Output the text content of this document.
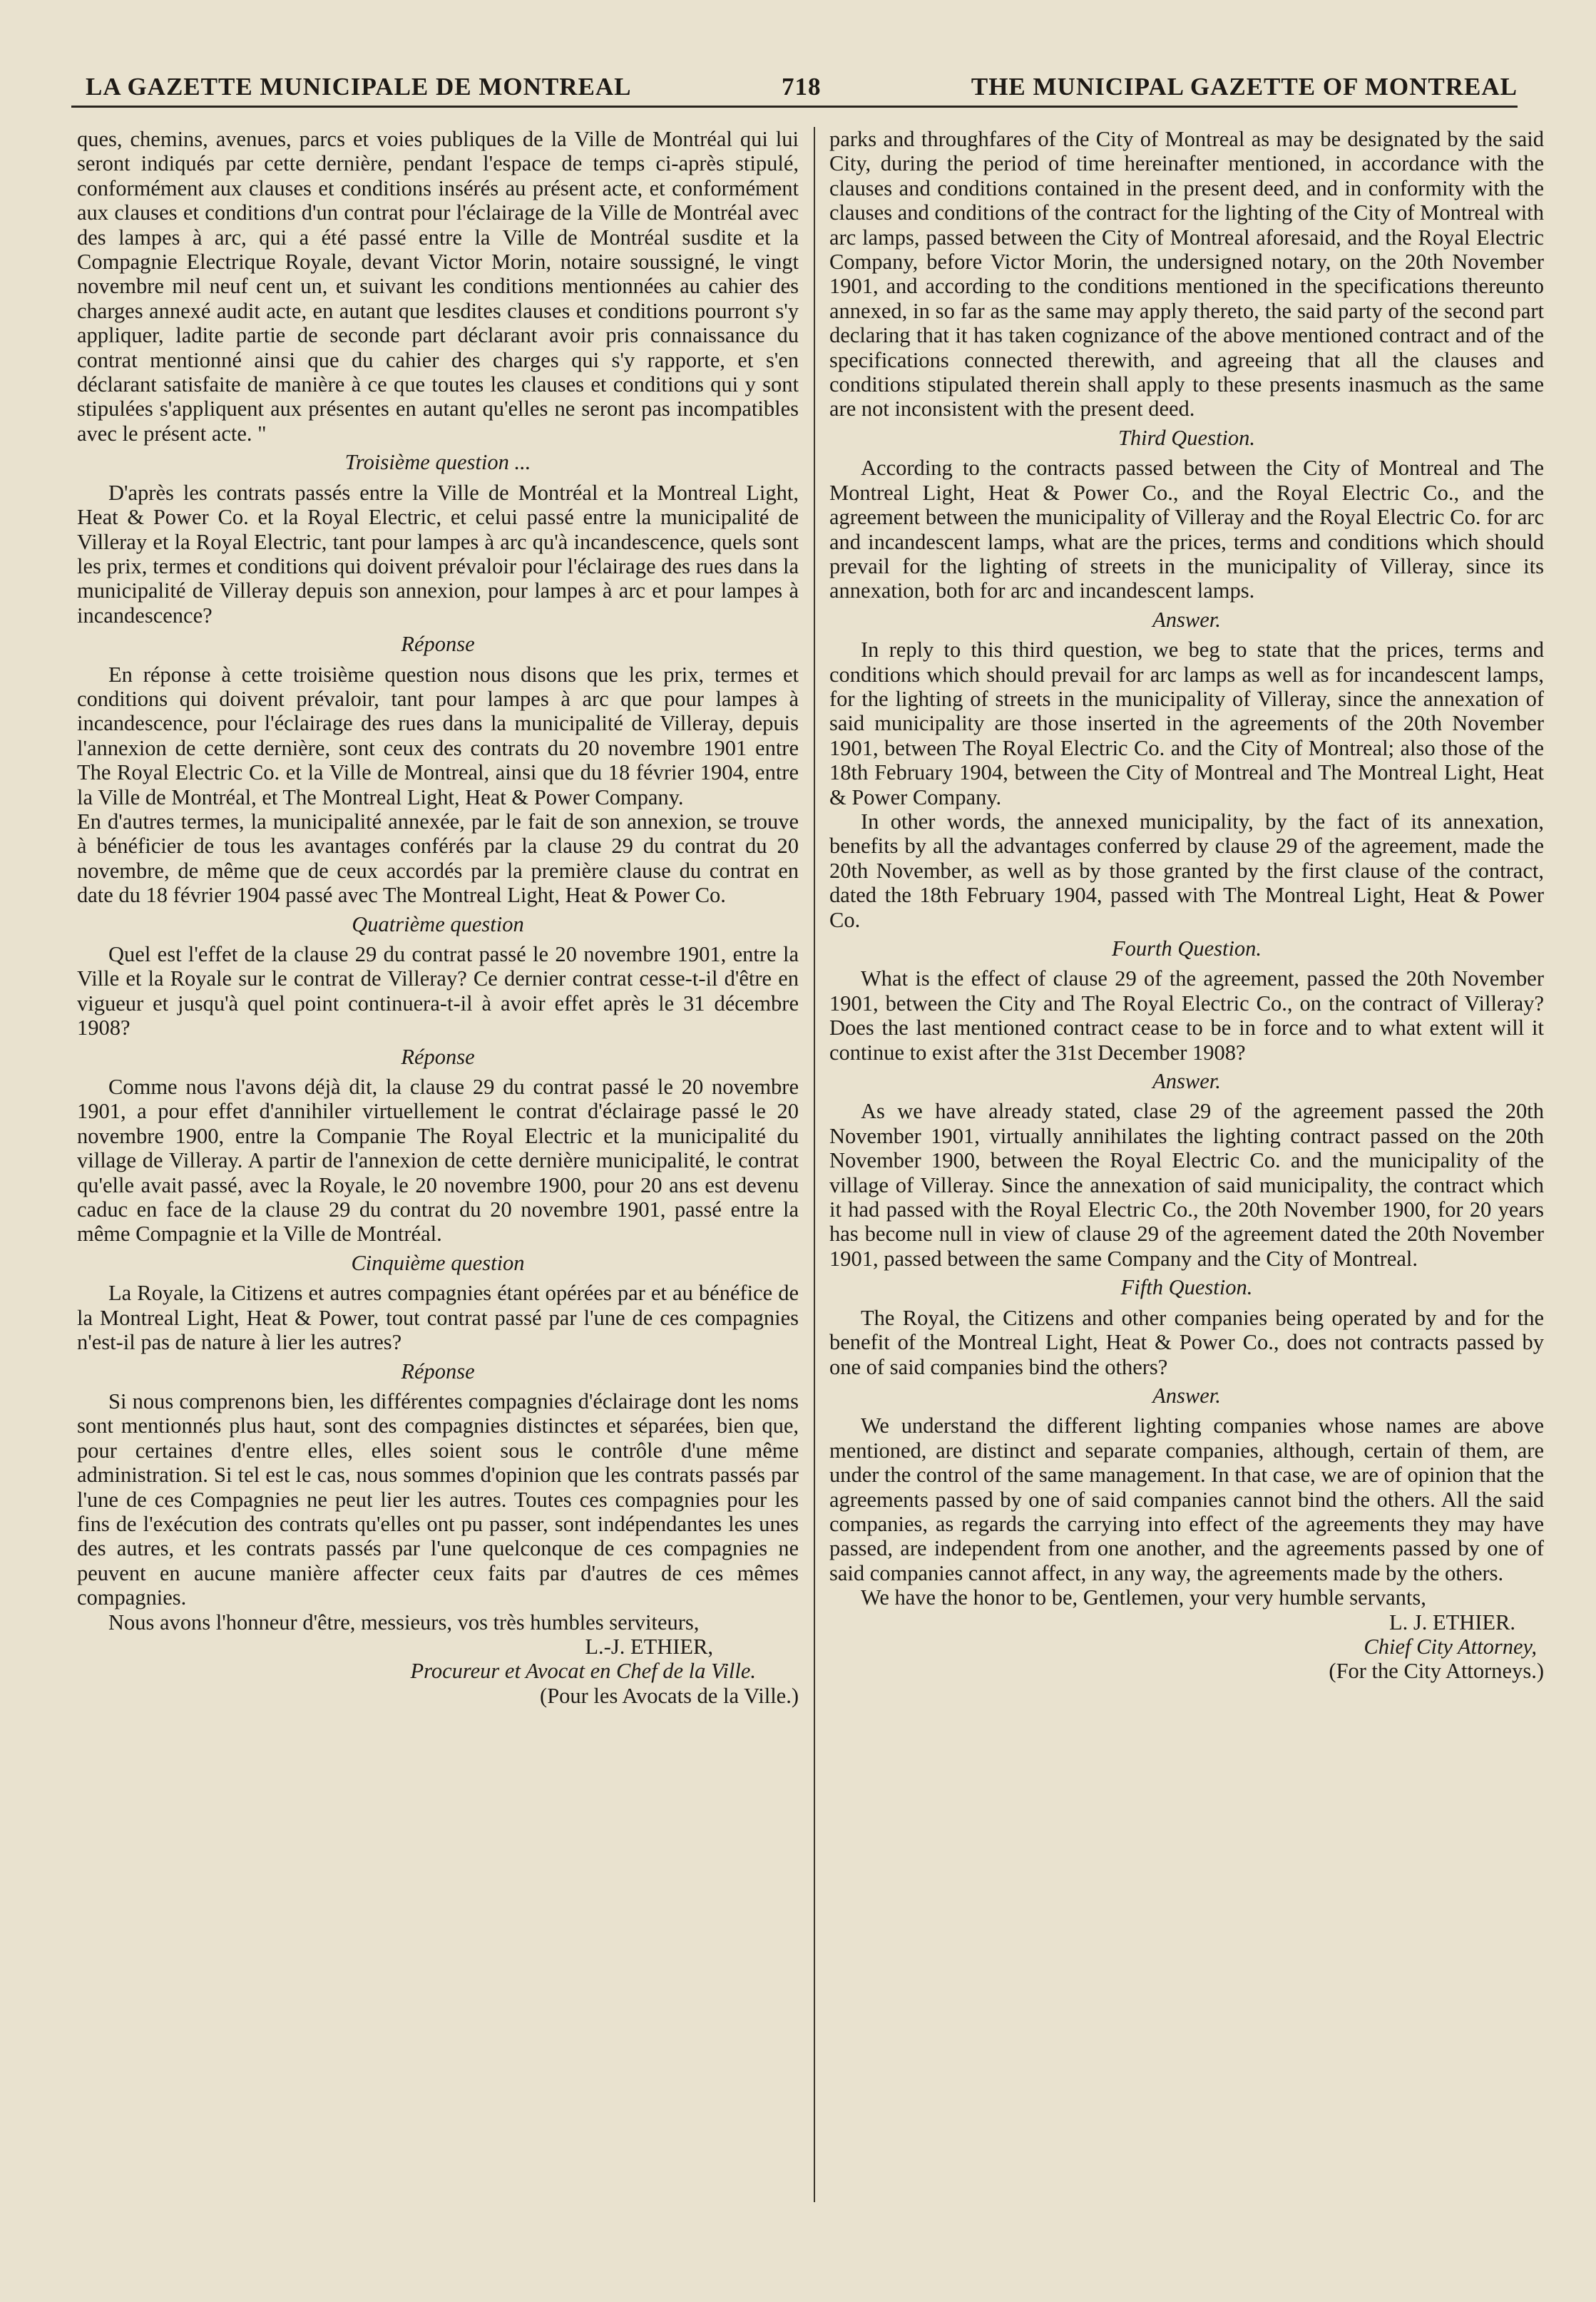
LA GAZETTE MUNICIPALE DE MONTREAL	718	THE MUNICIPAL GAZETTE OF MONTREAL

ques, chemins, avenues, parcs et voies publiques de la Ville de Montréal qui lui seront indiqués par cette dernière, pendant l'espace de temps ci-après stipulé, conformément aux clauses et conditions insérés au présent acte, et conformément aux clauses et conditions d'un contrat pour l'éclairage de la Ville de Montréal avec des lampes à arc, qui a été passé entre la Ville de Montréal susdite et la Compagnie Electrique Royale, devant Victor Morin, notaire soussigné, le vingt novembre mil neuf cent un, et suivant les conditions mentionnées au cahier des charges annexé audit acte, en autant que lesdites clauses et conditions pourront s'y appliquer, ladite partie de seconde part déclarant avoir pris connaissance du contrat mentionné ainsi que du cahier des charges qui s'y rapporte, et s'en déclarant satisfaite de manière à ce que toutes les clauses et conditions qui y sont stipulées s'appliquent aux présentes en autant qu'elles ne seront pas incompatibles avec le présent acte. "

Troisième question ...

D'après les contrats passés entre la Ville de Montréal et la Montreal Light, Heat & Power Co. et la Royal Electric, et celui passé entre la municipalité de Villeray et la Royal Electric, tant pour lampes à arc qu'à incandescence, quels sont les prix, termes et conditions qui doivent prévaloir pour l'éclairage des rues dans la municipalité de Villeray depuis son annexion, pour lampes à arc et pour lampes à incandescence?

Réponse

En réponse à cette troisième question nous disons que les prix, termes et conditions qui doivent prévaloir, tant pour lampes à arc que pour lampes à incandescence, pour l'éclairage des rues dans la municipalité de Villeray, depuis l'annexion de cette dernière, sont ceux des contrats du 20 novembre 1901 entre The Royal Electric Co. et la Ville de Montreal, ainsi que du 18 février 1904, entre la Ville de Montréal, et The Montreal Light, Heat & Power Company.

En d'autres termes, la municipalité annexée, par le fait de son annexion, se trouve à bénéficier de tous les avantages conférés par la clause 29 du contrat du 20 novembre, de même que de ceux accordés par la première clause du contrat en date du 18 février 1904 passé avec The Montreal Light, Heat & Power Co.

Quatrième question

Quel est l'effet de la clause 29 du contrat passé le 20 novembre 1901, entre la Ville et la Royale sur le contrat de Villeray? Ce dernier contrat cesse-t-il d'être en vigueur et jusqu'à quel point continuera-t-il à avoir effet après le 31 décembre 1908?

Réponse

Comme nous l'avons déjà dit, la clause 29 du contrat passé le 20 novembre 1901, a pour effet d'annihiler virtuellement le contrat d'éclairage passé le 20 novembre 1900, entre la Companie The Royal Electric et la municipalité du village de Villeray. A partir de l'annexion de cette dernière municipalité, le contrat qu'elle avait passé, avec la Royale, le 20 novembre 1900, pour 20 ans est devenu caduc en face de la clause 29 du contrat du 20 novembre 1901, passé entre la même Compagnie et la Ville de Montréal.

Cinquième question

La Royale, la Citizens et autres compagnies étant opérées par et au bénéfice de la Montreal Light, Heat & Power, tout contrat passé par l'une de ces compagnies n'est-il pas de nature à lier les autres?

Réponse

Si nous comprenons bien, les différentes compagnies d'éclairage dont les noms sont mentionnés plus haut, sont des compagnies distinctes et séparées, bien que, pour certaines d'entre elles, elles soient sous le contrôle d'une même administration. Si tel est le cas, nous sommes d'opinion que les contrats passés par l'une de ces Compagnies ne peut lier les autres. Toutes ces compagnies pour les fins de l'exécution des contrats qu'elles ont pu passer, sont indépendantes les unes des autres, et les contrats passés par l'une quelconque de ces compagnies ne peuvent en aucune manière affecter ceux faits par d'autres de ces mêmes compagnies.

Nous avons l'honneur d'être, messieurs, vos très humbles serviteurs,

L.-J. ETHIER,

Procureur et Avocat en Chef de la Ville.

(Pour les Avocats de la Ville.)

parks and throughfares of the City of Montreal as may be designated by the said City, during the period of time hereinafter mentioned, in accordance with the clauses and conditions contained in the present deed, and in conformity with the clauses and conditions of the contract for the lighting of the City of Montreal with arc lamps, passed between the City of Montreal aforesaid, and the Royal Electric Company, before Victor Morin, the undersigned notary, on the 20th November 1901, and according to the conditions mentioned in the specifications thereunto annexed, in so far as the same may apply thereto, the said party of the second part declaring that it has taken cognizance of the above mentioned contract and of the specifications connected therewith, and agreeing that all the clauses and conditions stipulated therein shall apply to these presents inasmuch as the same are not inconsistent with the present deed.

Third Question.

According to the contracts passed between the City of Montreal and The Montreal Light, Heat & Power Co., and the Royal Electric Co., and the agreement between the municipality of Villeray and the Royal Electric Co. for arc and incandescent lamps, what are the prices, terms and conditions which should prevail for the lighting of streets in the municipality of Villeray, since its annexation, both for arc and incandescent lamps.

Answer.

In reply to this third question, we beg to state that the prices, terms and conditions which should prevail for arc lamps as well as for incandescent lamps, for the lighting of streets in the municipality of Villeray, since the annexation of said municipality are those inserted in the agreements of the 20th November 1901, between The Royal Electric Co. and the City of Montreal; also those of the 18th February 1904, between the City of Montreal and The Montreal Light, Heat & Power Company.

In other words, the annexed municipality, by the fact of its annexation, benefits by all the advantages conferred by clause 29 of the agreement, made the 20th November, as well as by those granted by the first clause of the contract, dated the 18th February 1904, passed with The Montreal Light, Heat & Power Co.

Fourth Question.

What is the effect of clause 29 of the agreement, passed the 20th November 1901, between the City and The Royal Electric Co., on the contract of Villeray? Does the last mentioned contract cease to be in force and to what extent will it continue to exist after the 31st December 1908?

Answer.

As we have already stated, clase 29 of the agreement passed the 20th November 1901, virtually annihilates the lighting contract passed on the 20th November 1900, between the Royal Electric Co. and the municipality of the village of Villeray. Since the annexation of said municipality, the contract which it had passed with the Royal Electric Co., the 20th November 1900, for 20 years has become null in view of clause 29 of the agreement dated the 20th November 1901, passed between the same Company and the City of Montreal.

Fifth Question.

The Royal, the Citizens and other companies being operated by and for the benefit of the Montreal Light, Heat & Power Co., does not contracts passed by one of said companies bind the others?

Answer.

We understand the different lighting companies whose names are above mentioned, are distinct and separate companies, although, certain of them, are under the control of the same management. In that case, we are of opinion that the agreements passed by one of said companies cannot bind the others. All the said companies, as regards the carrying into effect of the agreements they may have passed, are independent from one another, and the agreements passed by one of said companies cannot affect, in any way, the agreements made by the others.

We have the honor to be, Gentlemen, your very humble servants,

L. J. ETHIER.

Chief City Attorney,

(For the City Attorneys.)
